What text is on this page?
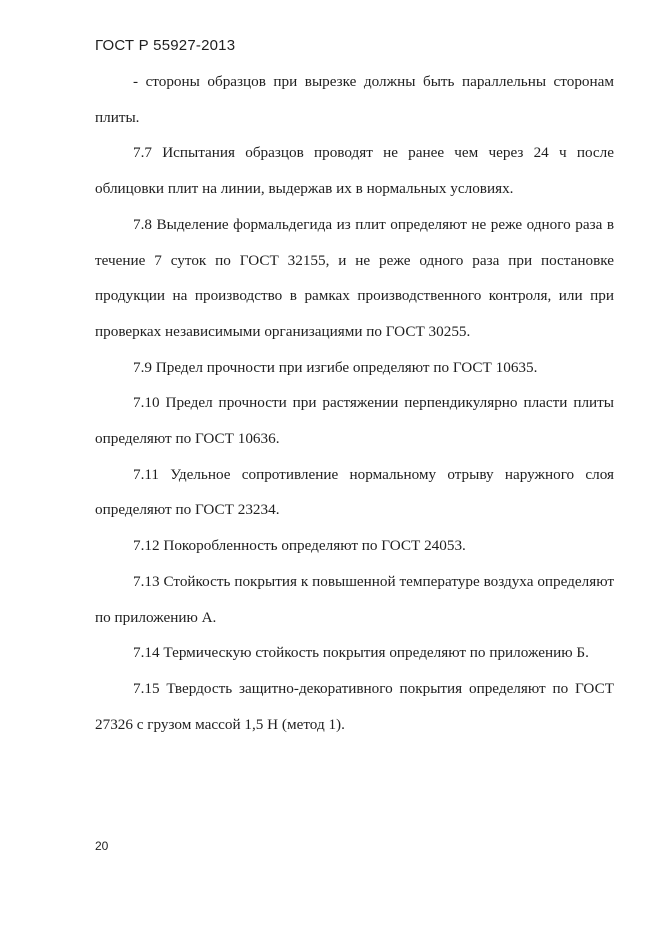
ГОСТ Р 55927-2013

- стороны образцов при вырезке должны быть параллельны сторонам плиты.

7.7 Испытания образцов проводят не ранее чем через 24 ч после облицовки плит на линии, выдержав их в нормальных условиях.

7.8 Выделение формальдегида из плит определяют не реже одного раза в течение 7 суток по ГОСТ 32155, и не реже одного раза при постановке продукции на производство в рамках производственного контроля, или при проверках независимыми организациями по ГОСТ 30255.

7.9 Предел прочности при изгибе определяют по ГОСТ 10635.

7.10 Предел прочности при растяжении перпендикулярно пласти плиты определяют по ГОСТ 10636.

7.11 Удельное сопротивление нормальному отрыву наружного слоя определяют по ГОСТ 23234.

7.12 Покоробленность определяют по ГОСТ 24053.

7.13 Стойкость покрытия к повышенной температуре воздуха определяют по приложению А.

7.14 Термическую стойкость покрытия определяют по приложению Б.

7.15 Твердость защитно-декоративного покрытия определяют по ГОСТ 27326 с грузом массой 1,5 Н (метод 1).

20
